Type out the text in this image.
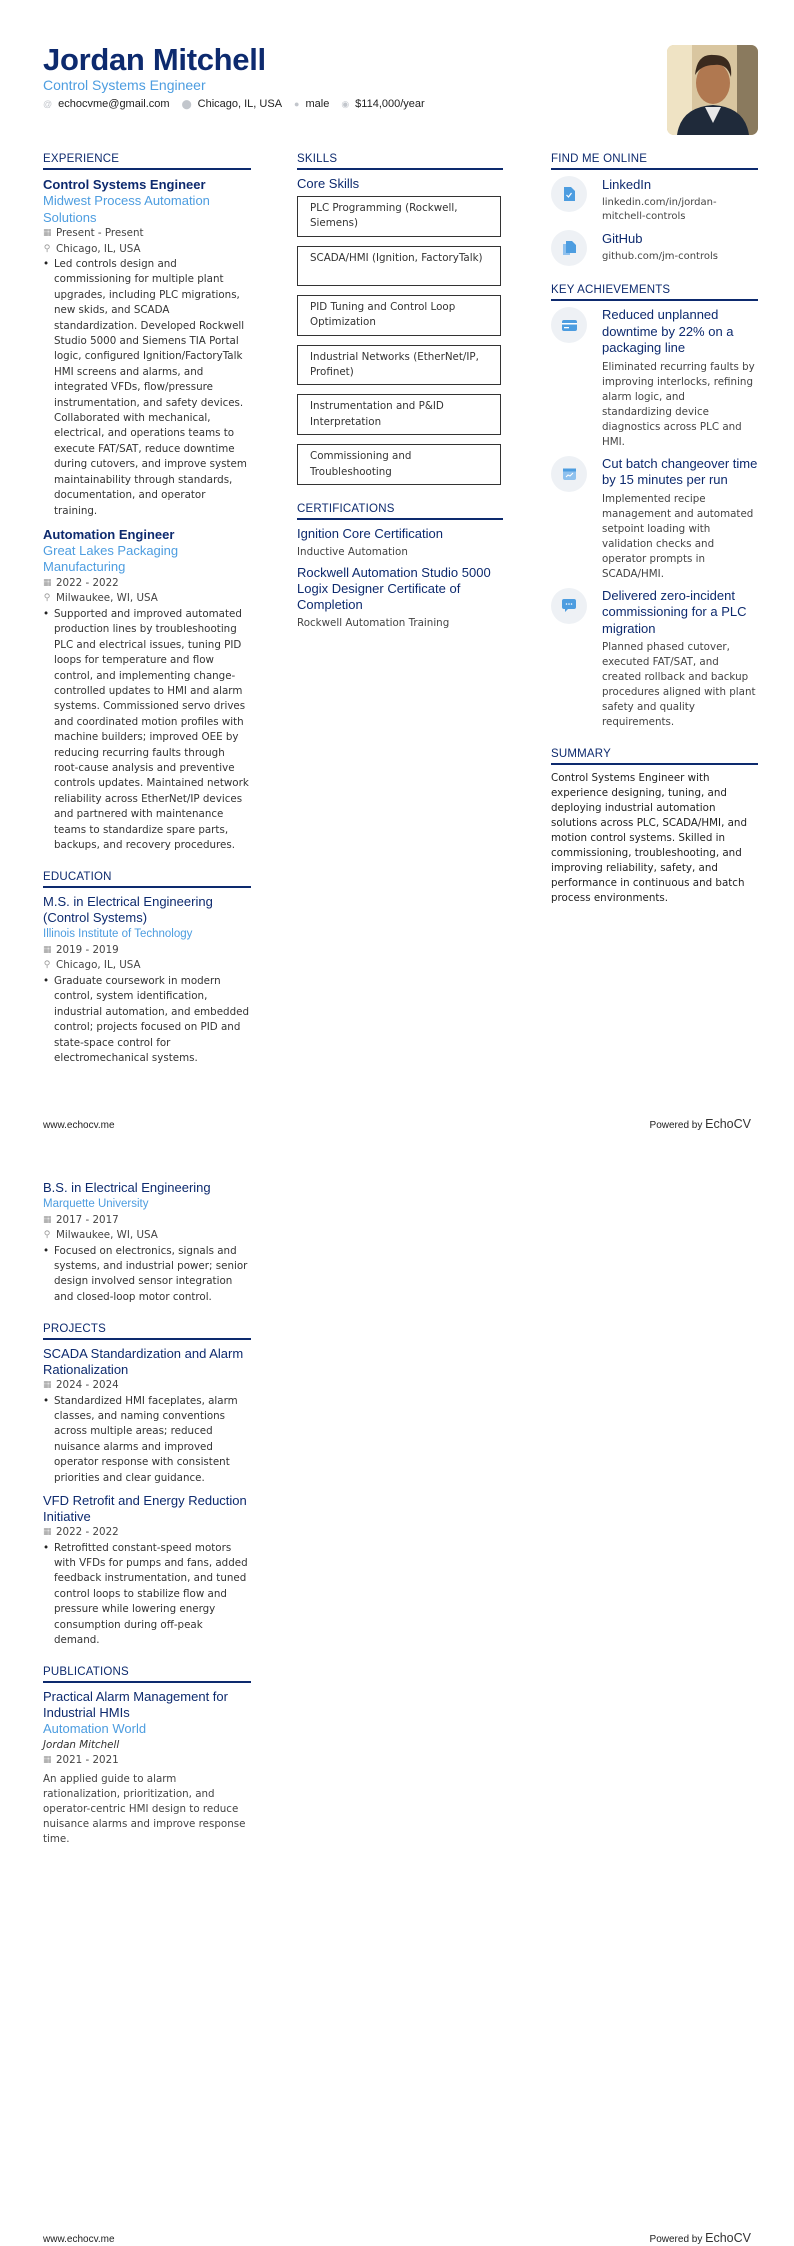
Jordan Mitchell
Control Systems Engineer
@ echocvme@gmail.com ⬤ Chicago, IL, USA ● male ◉ $114,000/year
EXPERIENCE
Control Systems Engineer
Midwest Process Automation Solutions
▦ Present - Present
⚲ Chicago, IL, USA
• Led controls design and commissioning for multiple plant upgrades, including PLC migrations, new skids, and SCADA standardization. Developed Rockwell Studio 5000 and Siemens TIA Portal logic, configured Ignition/FactoryTalk HMI screens and alarms, and integrated VFDs, flow/pressure instrumentation, and safety devices. Collaborated with mechanical, electrical, and operations teams to execute FAT/SAT, reduce downtime during cutovers, and improve system maintainability through standards, documentation, and operator training.
Automation Engineer
Great Lakes Packaging Manufacturing
▦ 2022 - 2022
⚲ Milwaukee, WI, USA
• Supported and improved automated production lines by troubleshooting PLC and electrical issues, tuning PID loops for temperature and flow control, and implementing change-controlled updates to HMI and alarm systems. Commissioned servo drives and coordinated motion profiles with machine builders; improved OEE by reducing recurring faults through root-cause analysis and preventive controls updates. Maintained network reliability across EtherNet/IP devices and partnered with maintenance teams to standardize spare parts, backups, and recovery procedures.
EDUCATION
M.S. in Electrical Engineering (Control Systems)
Illinois Institute of Technology
▦ 2019 - 2019
⚲ Chicago, IL, USA
• Graduate coursework in modern control, system identification, industrial automation, and embedded control; projects focused on PID and state-space control for electromechanical systems.
SKILLS
Core Skills
PLC Programming (Rockwell, Siemens)
SCADA/HMI (Ignition, FactoryTalk)
PID Tuning and Control Loop Optimization
Industrial Networks (EtherNet/IP, Profinet)
Instrumentation and P&ID Interpretation
Commissioning and Troubleshooting
CERTIFICATIONS
Ignition Core Certification
Inductive Automation
Rockwell Automation Studio 5000 Logix Designer Certificate of Completion
Rockwell Automation Training
FIND ME ONLINE
LinkedIn
linkedin.com/in/jordan-mitchell-controls
GitHub
github.com/jm-controls
KEY ACHIEVEMENTS
Reduced unplanned downtime by 22% on a packaging line
Eliminated recurring faults by improving interlocks, refining alarm logic, and standardizing device diagnostics across PLC and HMI.
Cut batch changeover time by 15 minutes per run
Implemented recipe management and automated setpoint loading with validation checks and operator prompts in SCADA/HMI.
Delivered zero-incident commissioning for a PLC migration
Planned phased cutover, executed FAT/SAT, and created rollback and backup procedures aligned with plant safety and quality requirements.
SUMMARY
Control Systems Engineer with experience designing, tuning, and deploying industrial automation solutions across PLC, SCADA/HMI, and motion control systems. Skilled in commissioning, troubleshooting, and improving reliability, safety, and performance in continuous and batch process environments.
www.echocv.me	Powered by EchoCV
B.S. in Electrical Engineering
Marquette University
▦ 2017 - 2017
⚲ Milwaukee, WI, USA
• Focused on electronics, signals and systems, and industrial power; senior design involved sensor integration and closed-loop motor control.
PROJECTS
SCADA Standardization and Alarm Rationalization
▦ 2024 - 2024
• Standardized HMI faceplates, alarm classes, and naming conventions across multiple areas; reduced nuisance alarms and improved operator response with consistent priorities and clear guidance.
VFD Retrofit and Energy Reduction Initiative
▦ 2022 - 2022
• Retrofitted constant-speed motors with VFDs for pumps and fans, added feedback instrumentation, and tuned control loops to stabilize flow and pressure while lowering energy consumption during off-peak demand.
PUBLICATIONS
Practical Alarm Management for Industrial HMIs
Automation World
Jordan Mitchell
▦ 2021 - 2021
An applied guide to alarm rationalization, prioritization, and operator-centric HMI design to reduce nuisance alarms and improve response time.
www.echocv.me	Powered by EchoCV
